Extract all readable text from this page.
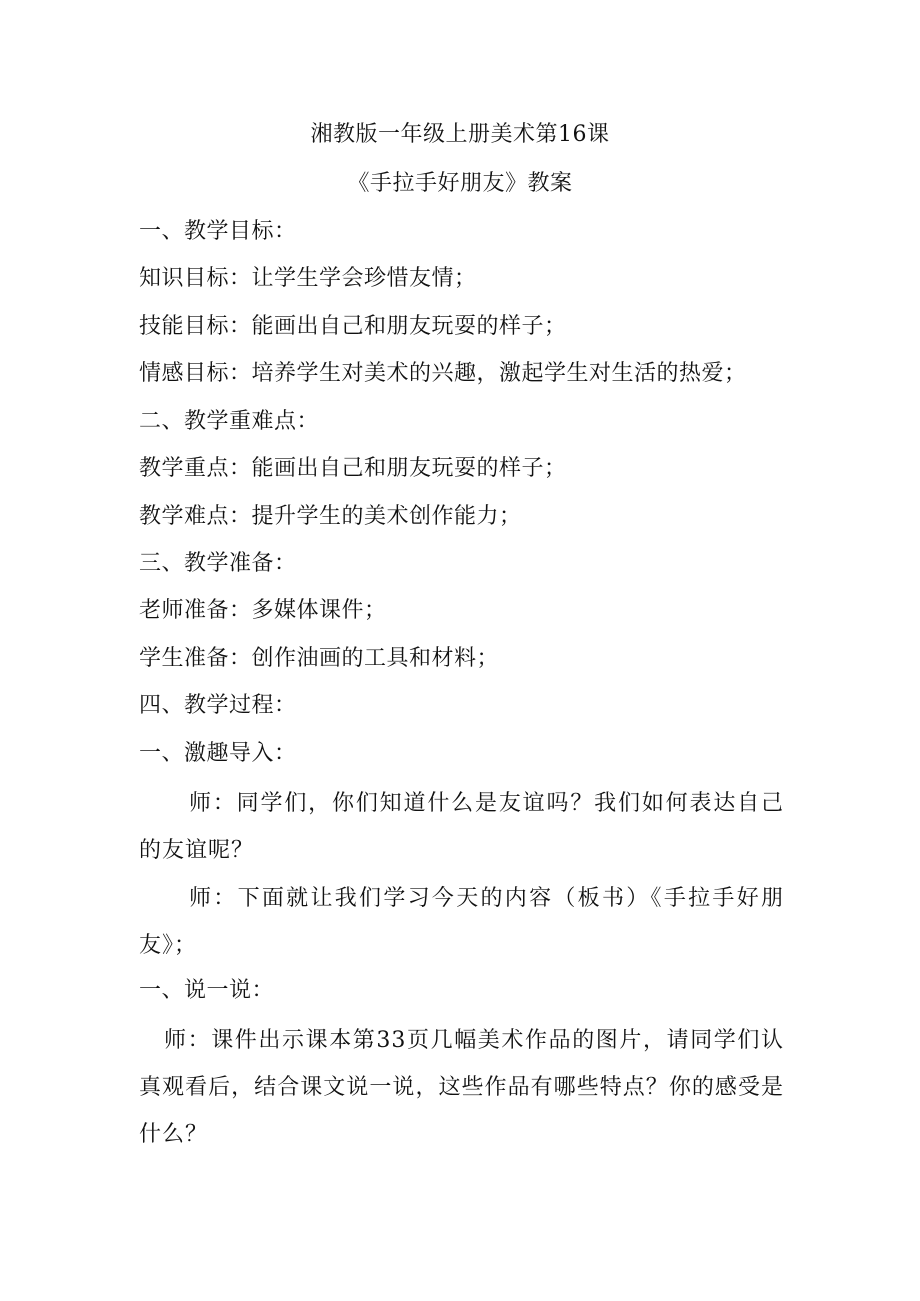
湘教版一年级上册美术第16课
《手拉手好朋友》教案
一、教学目标：
知识目标：让学生学会珍惜友情；
技能目标：能画出自己和朋友玩耍的样子；
情感目标：培养学生对美术的兴趣，激起学生对生活的热爱；
二、教学重难点：
教学重点：能画出自己和朋友玩耍的样子；
教学难点：提升学生的美术创作能力；
三、教学准备：
老师准备：多媒体课件；
学生准备：创作油画的工具和材料；
四、教学过程：
一、激趣导入：
师：同学们，你们知道什么是友谊吗？我们如何表达自己的友谊呢？
师：下面就让我们学习今天的内容（板书）《手拉手好朋友》；
一、说一说：
师：课件出示课本第33页几幅美术作品的图片，请同学们认真观看后，结合课文说一说，这些作品有哪些特点？你的感受是什么？
